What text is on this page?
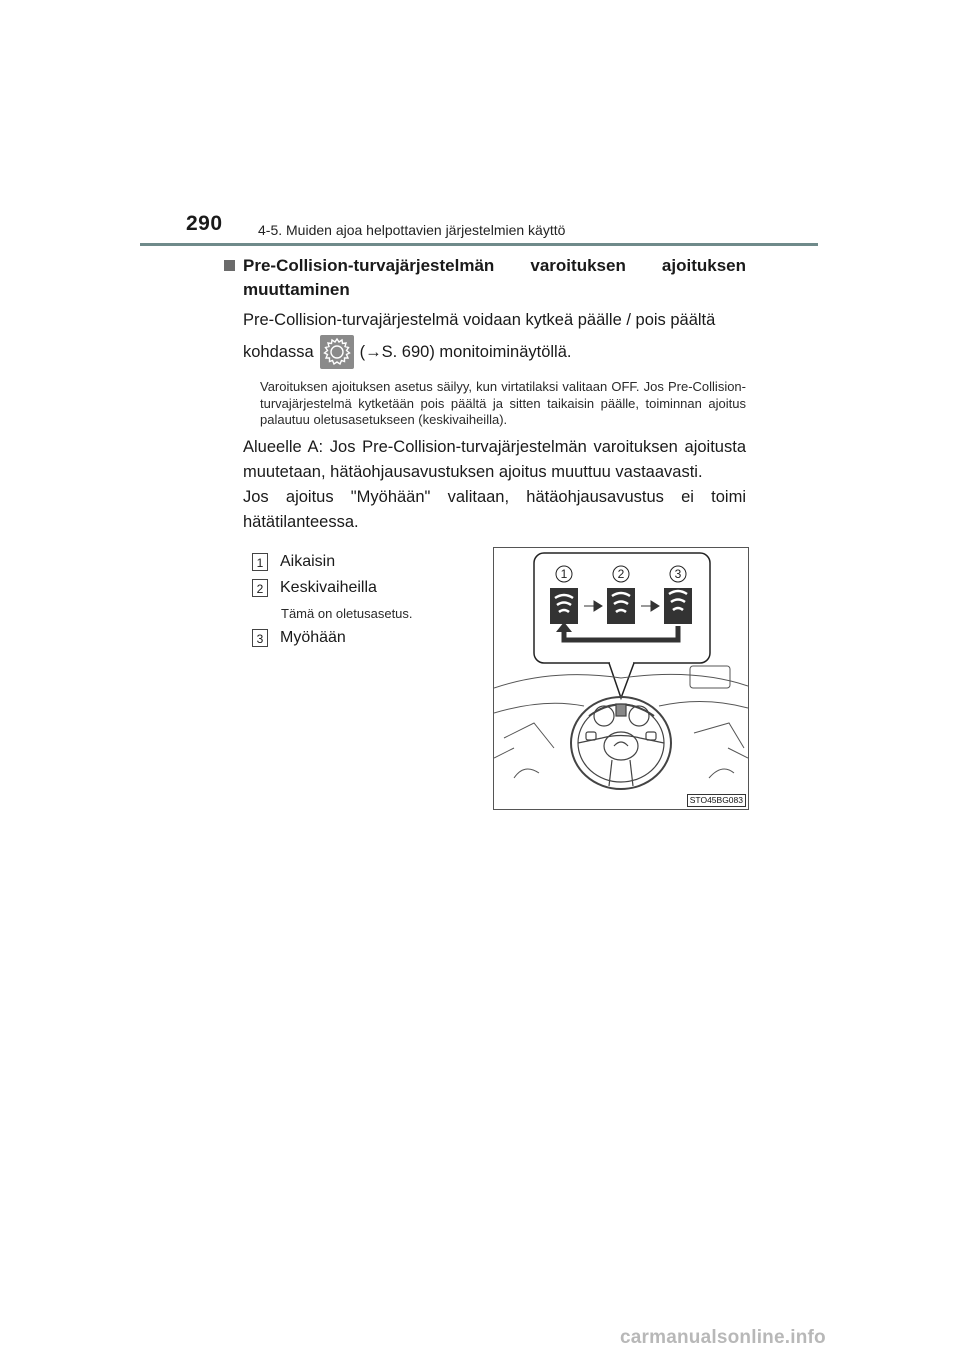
290	4-5. Muiden ajoa helpottavien järjestelmien käyttö
Pre-Collision-turvajärjestelmän varoituksen ajoituksen muuttaminen
Pre-Collision-turvajärjestelmä voidaan kytkeä päälle / pois päältä
kohdassa	(→S. 690) monitoiminäytöllä.
Varoituksen ajoituksen asetus säilyy, kun virtatilaksi valitaan OFF. Jos Pre-Collision-turvajärjestelmä kytketään pois päältä ja sitten taikaisin päälle, toiminnan ajoitus palautuu oletusasetukseen (keskivaiheilla).
Alueelle A: Jos Pre-Collision-turvajärjestelmän varoituksen ajoitusta muutetaan, hätäohjausavustuksen ajoitus muuttuu vastaavasti.
Jos ajoitus "Myöhään" valitaan, hätäohjausavustus ei toimi hätätilanteessa.
1 Aikaisin
2 Keskivaiheilla
Tämä on oletusasetus.
3 Myöhään
1	2	3
STO45BG083
carmanualsonline.info
